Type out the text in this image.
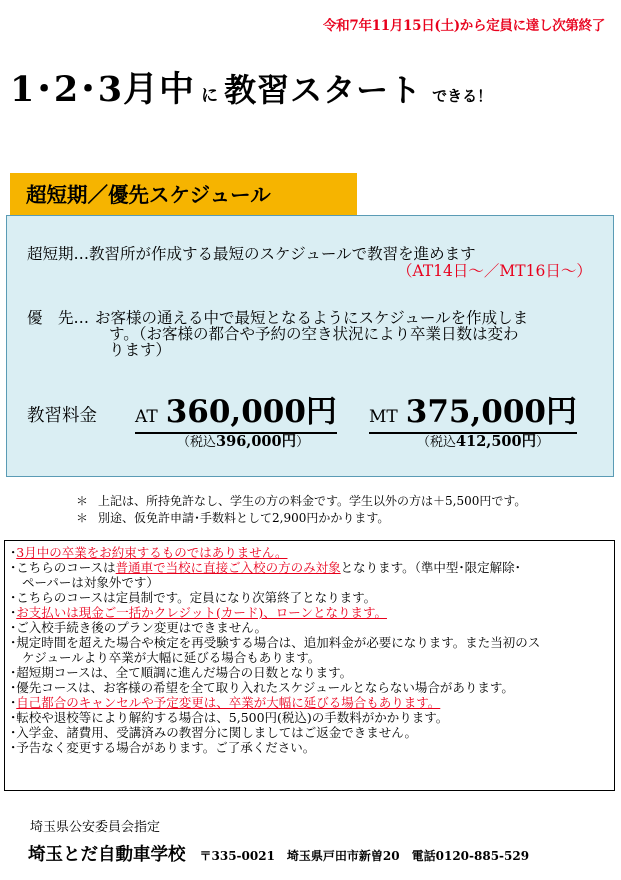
令和7年11月15日(土)から定員に達し次第終了
1･2･3月中 に 教習スタート できる！
超短期／優先スケジュール
超短期…教習所が作成する最短のスケジュールで教習を進めます
（AT14日～／MT16日～）
優　先… お客様の通える中で最短となるようにスケジュールを作成しま
す。（お客様の都合や予約の空き状況により卒業日数は変わ
ります）
教習料金 AT 360,000円
（税込396,000円）
MT 375,000円
（税込412,500円）
＊ 上記は、所持免許なし、学生の方の料金です。学生以外の方は＋5,500円です。
＊ 別途、仮免許申請･手数料として2,900円かかります。
･3月中の卒業をお約束するものではありません。
･こちらのコースは普通車で当校に直接ご入校の方のみ対象となります。（準中型･限定解除･
ペーパーは対象外です）
･こちらのコースは定員制です。定員になり次第終了となります。
･お支払いは現金ご一括かクレジット(カード)、ローンとなります。
･ご入校手続き後のプラン変更はできません。
･規定時間を超えた場合や検定を再受験する場合は、追加料金が必要になります。また当初のス
ケジュールより卒業が大幅に延びる場合もあります。
･超短期コースは、全て順調に進んだ場合の日数となります。
･優先コースは、お客様の希望を全て取り入れたスケジュールとならない場合があります。
･自己都合のキャンセルや予定変更は、卒業が大幅に延びる場合もあります。
･転校や退校等により解約する場合は、5,500円(税込)の手数料がかかります。
･入学金、諸費用、受講済みの教習分に関しましてはご返金できません。
･予告なく変更する場合があります。ご了承ください。
埼玉県公安委員会指定
埼玉とだ自動車学校 〒335-0021　埼玉県戸田市新曽20　電話0120-885-529
